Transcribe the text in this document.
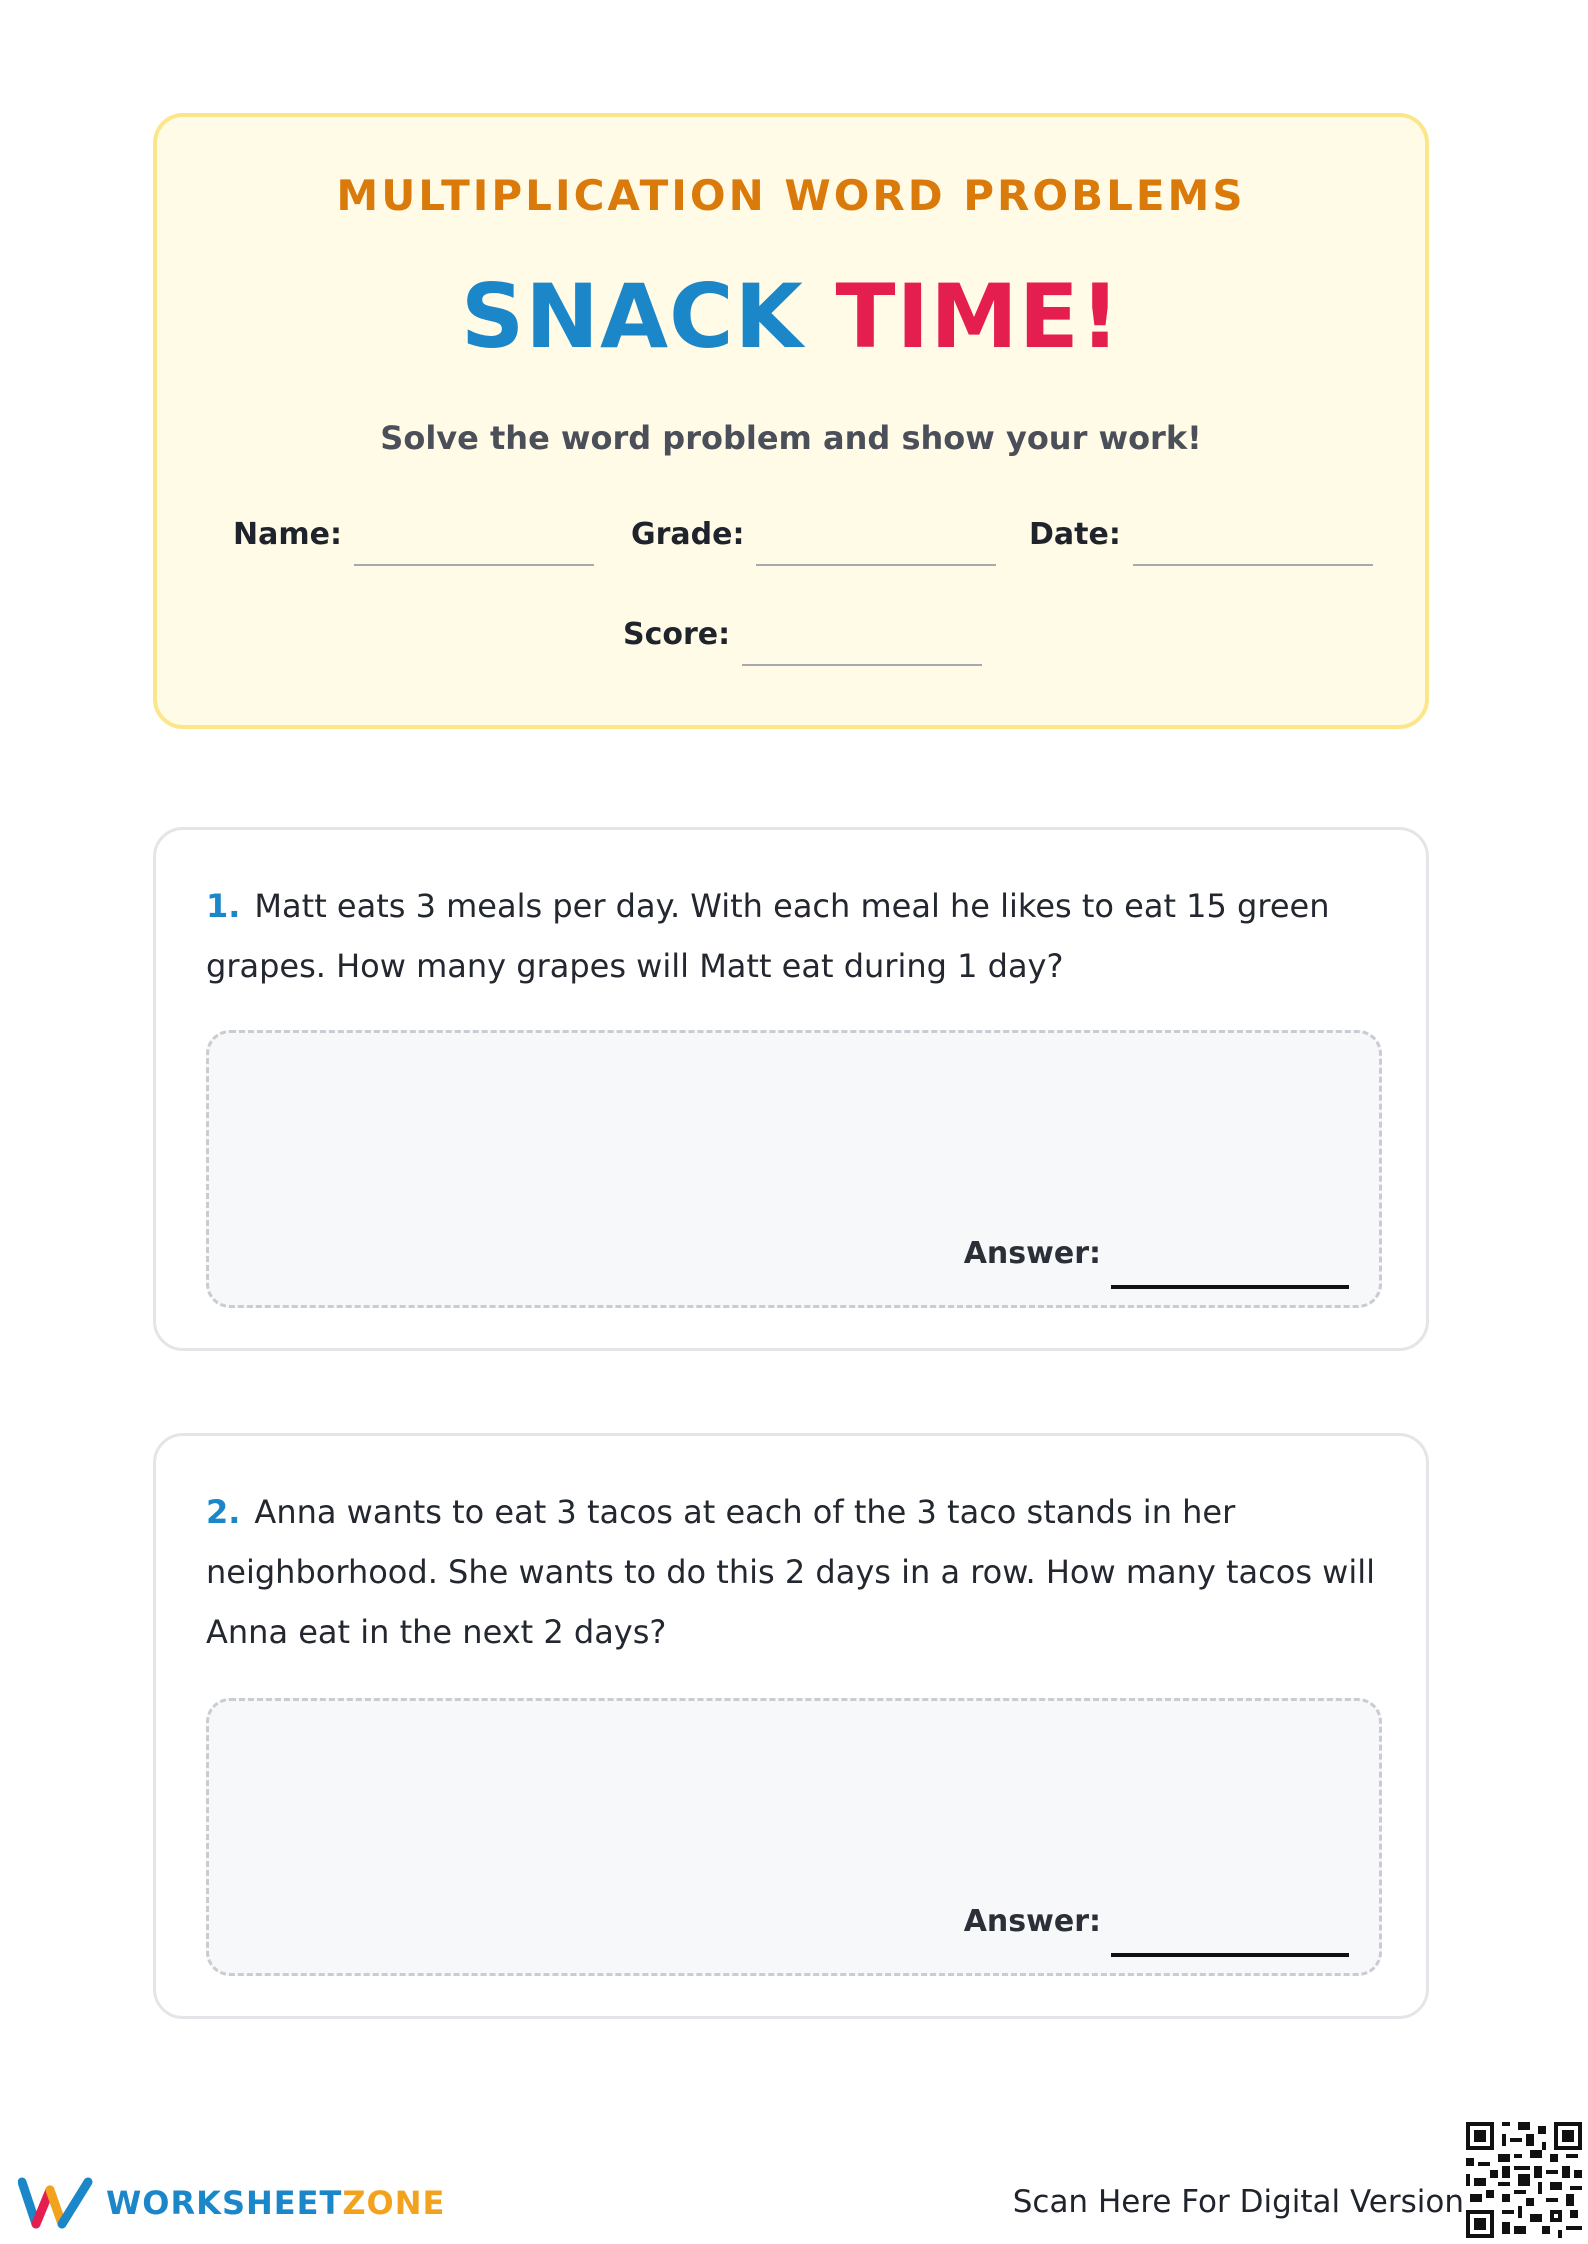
MULTIPLICATION WORD PROBLEMS
SNACK TIME!
Solve the word problem and show your work!
Name:	Grade:	Date:
Score:
1. Matt eats 3 meals per day. With each meal he likes to eat 15 green grapes. How many grapes will Matt eat during 1 day?
Answer:
2. Anna wants to eat 3 tacos at each of the 3 taco stands in her neighborhood. She wants to do this 2 days in a row. How many tacos will Anna eat in the next 2 days?
Answer:
WORKSHEETZONE	Scan Here For Digital Version
